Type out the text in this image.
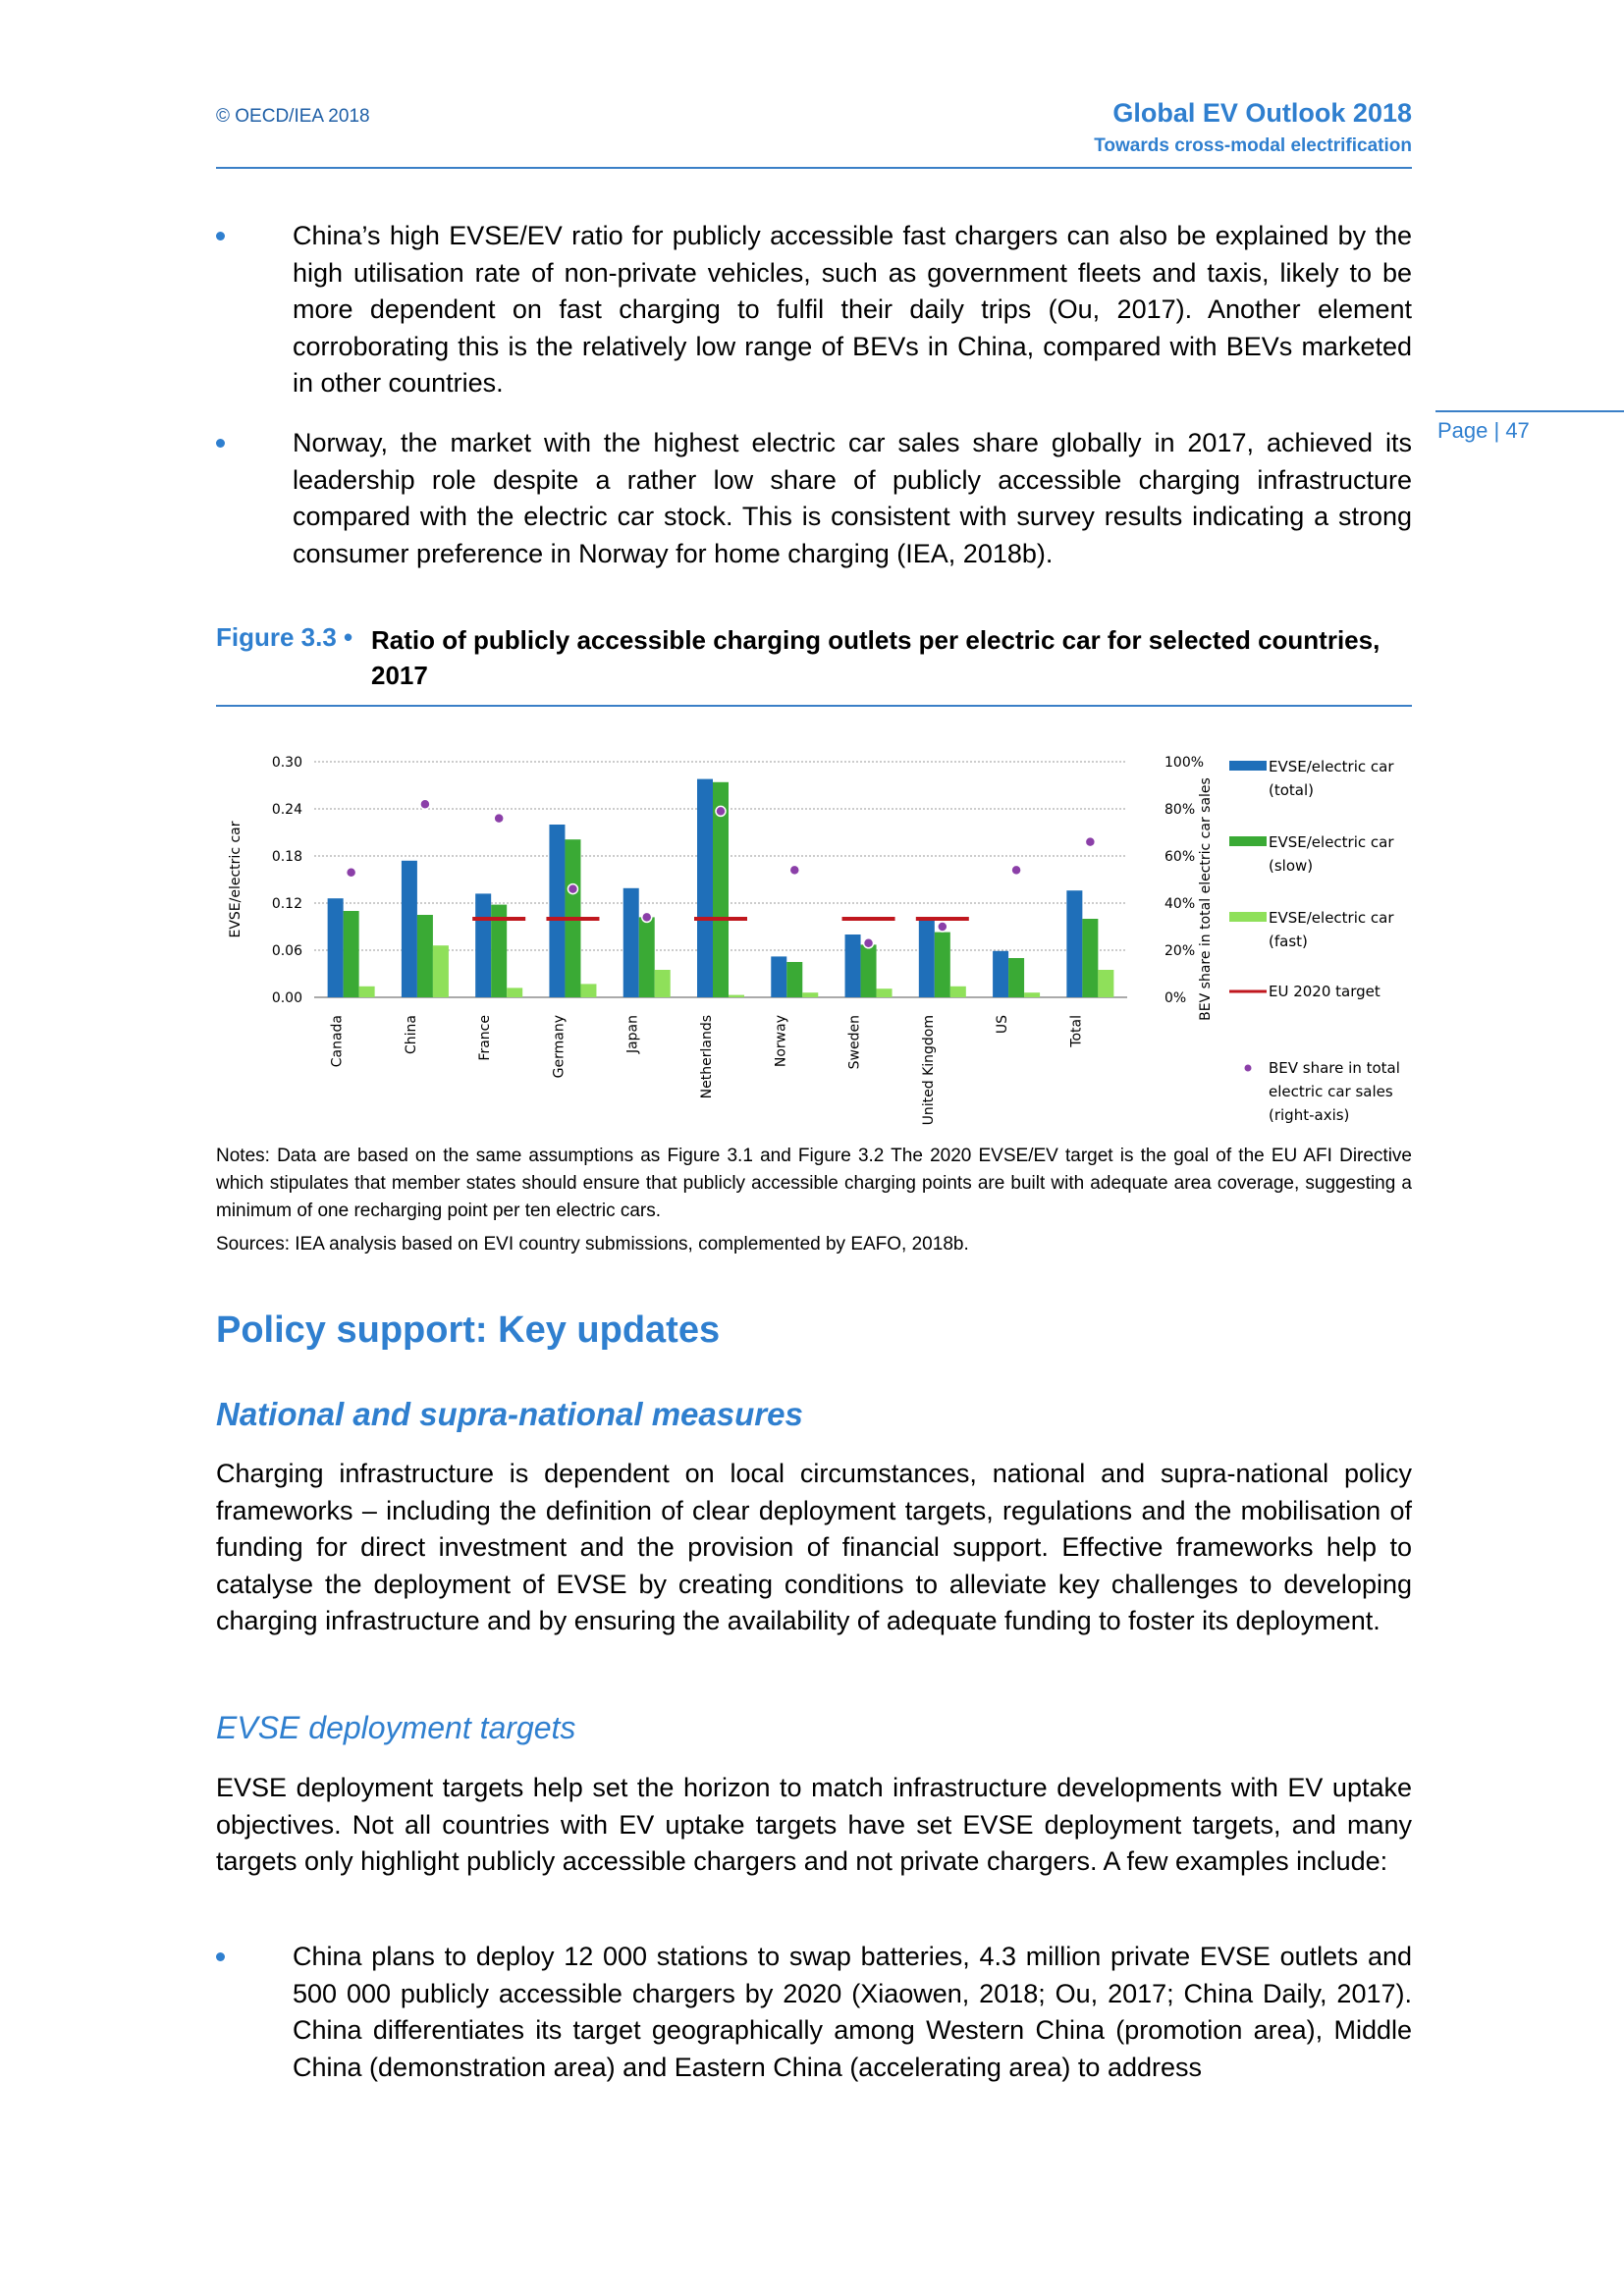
© OECD/IEA 2018	Global EV Outlook 2018
Towards cross-modal electrification
Page | 47
China’s high EVSE/EV ratio for publicly accessible fast chargers can also be explained by the high utilisation rate of non-private vehicles, such as government fleets and taxis, likely to be more dependent on fast charging to fulfil their daily trips (Ou, 2017). Another element corroborating this is the relatively low range of BEVs in China, compared with BEVs marketed in other countries.
Norway, the market with the highest electric car sales share globally in 2017, achieved its leadership role despite a rather low share of publicly accessible charging infrastructure compared with the electric car stock. This is consistent with survey results indicating a strong consumer preference in Norway for home charging (IEA, 2018b).
Figure 3.3 • Ratio of publicly accessible charging outlets per electric car for selected countries, 2017
0.00
0.06
0.12
0.18
0.24
0.30
0%
20%
40%
60%
80%
100%
Canada	China	France	Germany	Japan	Netherlands	Norway	Sweden	United Kingdom	US	Total
EVSE/electric car	BEV share in total electric car sales
EVSE/electric car
(total)
EVSE/electric car
(slow)
EVSE/electric car
(fast)
EU 2020 target
BEV share in total
electric car sales
(right-axis)
Notes: Data are based on the same assumptions as Figure 3.1 and Figure 3.2 The 2020 EVSE/EV target is the goal of the EU AFI Directive which stipulates that member states should ensure that publicly accessible charging points are built with adequate area coverage, suggesting a minimum of one recharging point per ten electric cars.
Sources: IEA analysis based on EVI country submissions, complemented by EAFO, 2018b.
Policy support: Key updates
National and supra-national measures
Charging infrastructure is dependent on local circumstances, national and supra-national policy frameworks – including the definition of clear deployment targets, regulations and the mobilisation of funding for direct investment and the provision of financial support. Effective frameworks help to catalyse the deployment of EVSE by creating conditions to alleviate key challenges to developing charging infrastructure and by ensuring the availability of adequate funding to foster its deployment.
EVSE deployment targets
EVSE deployment targets help set the horizon to match infrastructure developments with EV uptake objectives. Not all countries with EV uptake targets have set EVSE deployment targets, and many targets only highlight publicly accessible chargers and not private chargers. A few examples include:
China plans to deploy 12 000 stations to swap batteries, 4.3 million private EVSE outlets and 500 000 publicly accessible chargers by 2020 (Xiaowen, 2018; Ou, 2017; China Daily, 2017). China differentiates its target geographically among Western China (promotion area), Middle China (demonstration area) and Eastern China (accelerating area) to address
